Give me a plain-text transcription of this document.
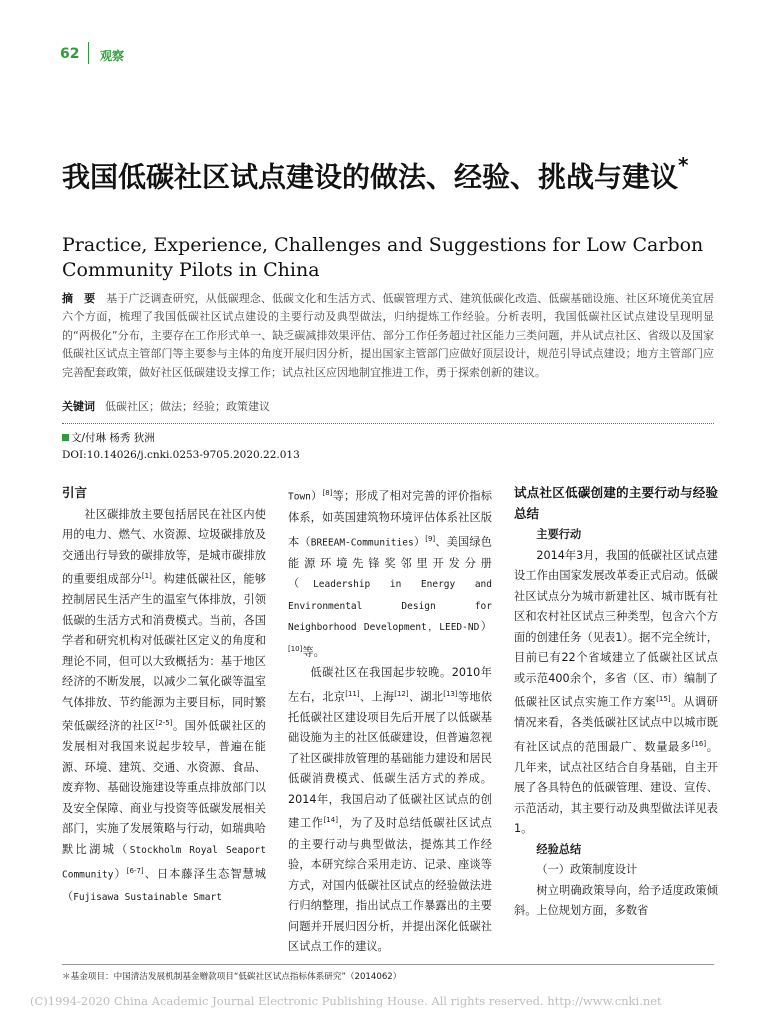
62 观察
我国低碳社区试点建设的做法、经验、挑战与建议*
Practice, Experience, Challenges and Suggestions for Low Carbon Community Pilots in China
摘　要　 基于广泛调查研究，从低碳理念、低碳文化和生活方式、低碳管理方式、建筑低碳化改造、低碳基础设施、社区环境优美宜居六个方面，梳理了我国低碳社区试点建设的主要行动及典型做法，归纳提炼工作经验。分析表明，我国低碳社区试点建设呈现明显的“两极化”分布，主要存在工作形式单一、缺乏碳减排效果评估、部分工作任务超过社区能力三类问题，并从试点社区、省级以及国家低碳社区试点主管部门等主要参与主体的角度开展归因分析，提出国家主管部门应做好顶层设计，规范引导试点建设；地方主管部门应完善配套政策，做好社区低碳建设支撑工作；试点社区应因地制宜推进工作，勇于探索创新的建议。
关键词 低碳社区；做法；经验；政策建议
文/付琳 杨秀 狄洲
DOI:10.14026/j.cnki.0253-9705.2020.22.013
引言

社区碳排放主要包括居民在社区内使用的电力、燃气、水资源、垃圾碳排放及交通出行导致的碳排放等，是城市碳排放的重要组成部分[1]。构建低碳社区，能够控制居民生活产生的温室气体排放，引领低碳的生活方式和消费模式。当前，各国学者和研究机构对低碳社区定义的角度和理论不同，但可以大致概括为：基于地区经济的不断发展，以减少二氧化碳等温室气体排放、节约能源为主要目标，同时繁荣低碳经济的社区[2-5]。国外低碳社区的发展相对我国来说起步较早，普遍在能源、环境、建筑、交通、水资源、食品、废弃物、基础设施建设等重点排放部门以及安全保障、商业与投资等低碳发展相关部门，实施了发展策略与行动，如瑞典哈默比湖城（Stockholm Royal Seaport Community）[6-7]、日本藤泽生态智慧城（Fujisawa Sustainable Smart

Town）[8]等；形成了相对完善的评价指标体系，如英国建筑物环境评估体系社区版本（BREEAM-Communities）[9]、美国绿色能源环境先锋奖邻里开发分册（Leadership in Energy and Environmental Design for Neighborhood Development，LEED-ND）[10]等。

低碳社区在我国起步较晚。2010年左右，北京[11]、上海[12]、湖北[13]等地依托低碳社区建设项目先后开展了以低碳基础设施为主的社区低碳建设，但普遍忽视了社区碳排放管理的基础能力建设和居民低碳消费模式、低碳生活方式的养成。2014年，我国启动了低碳社区试点的创建工作[14]，为了及时总结低碳社区试点的主要行动与典型做法，提炼其工作经验，本研究综合采用走访、记录、座谈等方式，对国内低碳社区试点的经验做法进行归纳整理，指出试点工作暴露出的主要问题并开展归因分析，并提出深化低碳社区试点工作的建议。

试点社区低碳创建的主要行动与经验总结

主要行动

2014年3月，我国的低碳社区试点建设工作由国家发展改革委正式启动。低碳社区试点分为城市新建社区、城市既有社区和农村社区试点三种类型，包含六个方面的创建任务（见表1）。据不完全统计，目前已有22个省域建立了低碳社区试点或示范400余个，多省（区、市）编制了低碳社区试点实施工作方案[15]。从调研情况来看，各类低碳社区试点中以城市既有社区试点的范围最广、数量最多[16]。几年来，试点社区结合自身基础，自主开展了各具特色的低碳管理、建设、宣传、示范活动，其主要行动及典型做法详见表1。

经验总结

（一）政策制度设计

树立明确政策导向，给予适度政策倾斜。上位规划方面，多数省

＊基金项目：中国清洁发展机制基金赠款项目“低碳社区试点指标体系研究”（2014062）
(C)1994-2020 China Academic Journal Electronic Publishing House. All rights reserved. http://www.cnki.net
